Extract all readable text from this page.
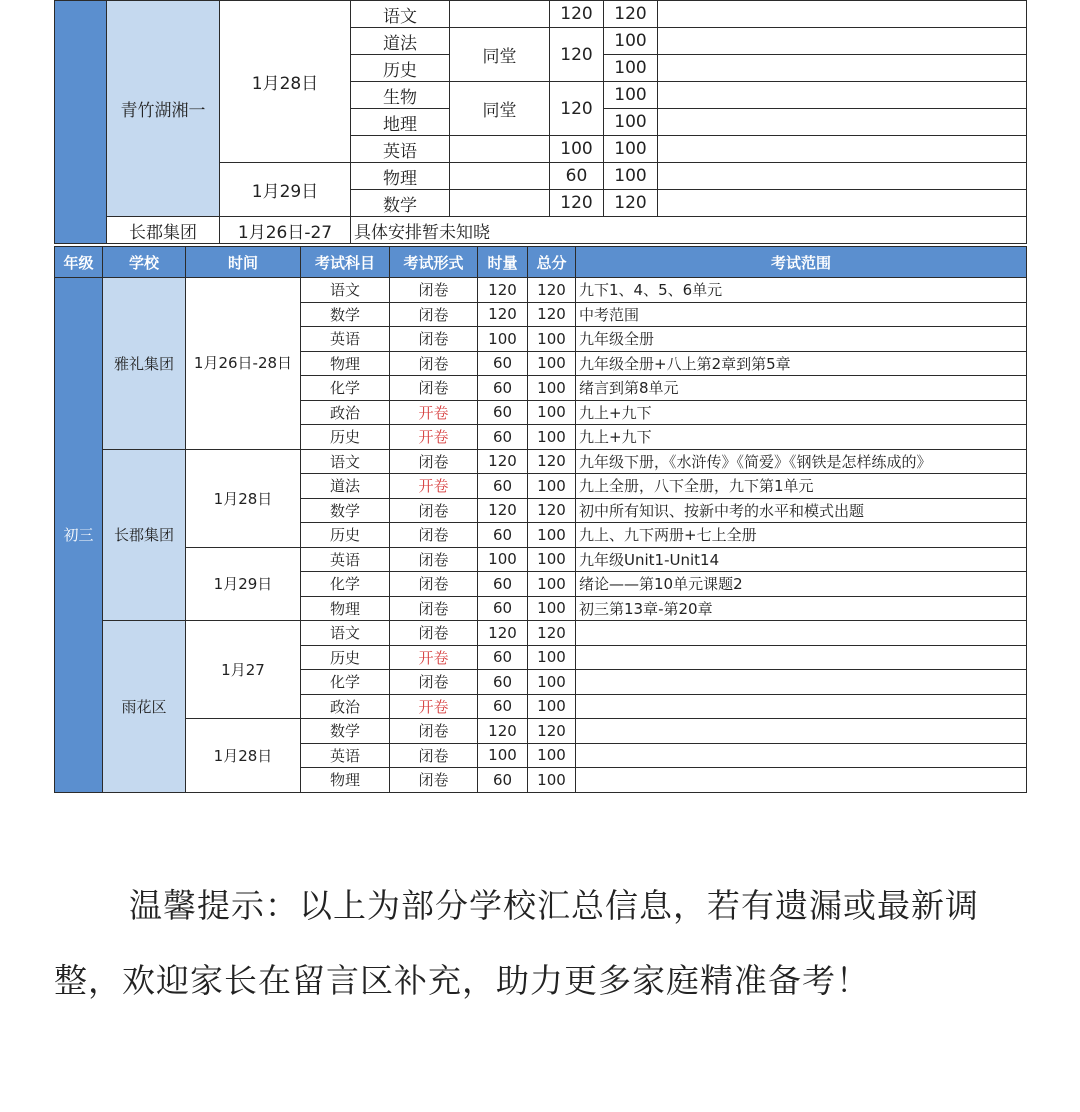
	青竹湖湘一	1月28日	语文		120	120	
			道法	同堂	120	100	
			历史			100	
			生物	同堂	120	100	
			地理			100	
			英语		100	100	
		1月29日	物理		60	100	
			数学		120	120	
	长郡集团	1月26日-27	具体安排暂未知晓				
年级	学校	时间	考试科目	考试形式	时量	总分	考试范围
初三	雅礼集团	1月26日-28日	语文	闭卷	120	120	九下1、4、5、6单元
			数学	闭卷	120	120	中考范围
			英语	闭卷	100	100	九年级全册
			物理	闭卷	60	100	九年级全册+八上第2章到第5章
			化学	闭卷	60	100	绪言到第8单元
			政治	开卷	60	100	九上+九下
			历史	开卷	60	100	九上+九下
	长郡集团	1月28日	语文	闭卷	120	120	九年级下册，《水浒传》《简爱》《钢铁是怎样练成的》
			道法	开卷	60	100	九上全册，八下全册，九下第1单元
			数学	闭卷	120	120	初中所有知识、按新中考的水平和模式出题
			历史	闭卷	60	100	九上、九下两册+七上全册
		1月29日	英语	闭卷	100	100	九年级Unit1-Unit14
			化学	闭卷	60	100	绪论——第10单元课题2
			物理	闭卷	60	100	初三第13章-第20章
	雨花区	1月27	语文	闭卷	120	120	
			历史	开卷	60	100	
			化学	闭卷	60	100	
			政治	开卷	60	100	
		1月28日	数学	闭卷	120	120	
			英语	闭卷	100	100	
			物理	闭卷	60	100	

温馨提示：以上为部分学校汇总信息，若有遗漏或最新调整，欢迎家长在留言区补充，助力更多家庭精准备考！
